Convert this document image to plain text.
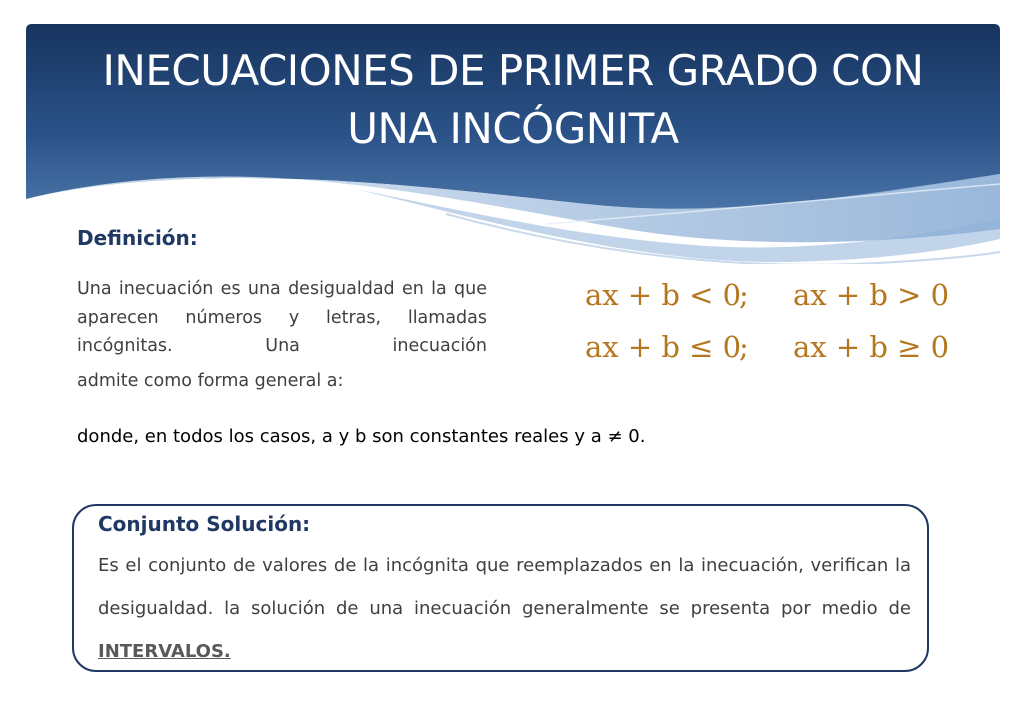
INECUACIONES DE PRIMER GRADO CON
UNA INCÓGNITA
Definición:
Una inecuación es una desigualdad en la que aparecen números y letras, llamadas incógnitas. Una inecuación
admite como forma general a:
ax + b < 0
; ax + b > 0
ax + b ≤ 0
; ax + b ≥ 0
donde, en todos los casos, a y b son constantes reales y a ≠ 0.
Conjunto Solución:
Es el conjunto de valores de la incógnita que reemplazados en la inecuación, verifican la desigualdad. la solución de una inecuación generalmente se presenta por medio de INTERVALOS.
